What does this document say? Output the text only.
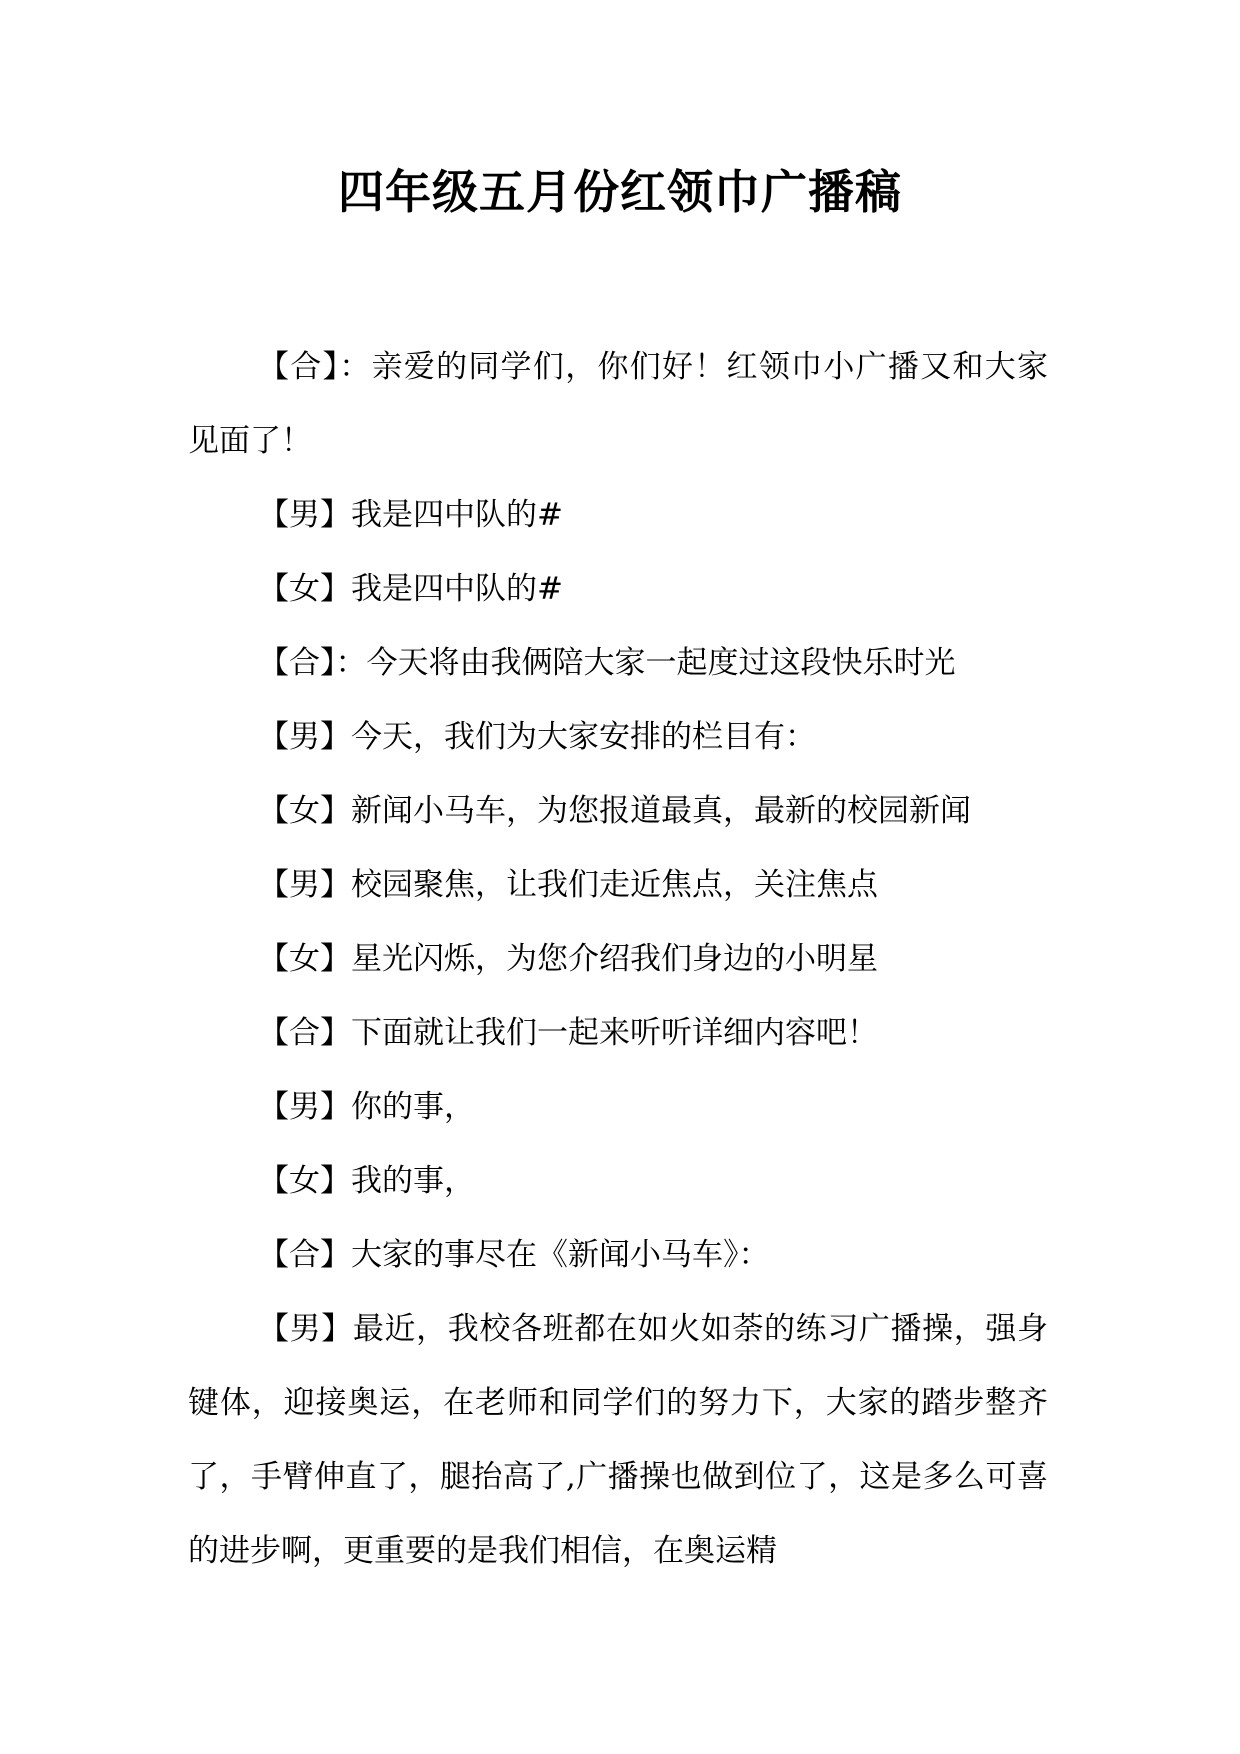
四年级五月份红领巾广播稿

【合】：亲爱的同学们，你们好！红领巾小广播又和大家见面了！

【男】我是四中队的#

【女】我是四中队的#

【合】：今天将由我俩陪大家一起度过这段快乐时光

【男】今天，我们为大家安排的栏目有：

【女】新闻小马车，为您报道最真，最新的校园新闻

【男】校园聚焦，让我们走近焦点，关注焦点

【女】星光闪烁，为您介绍我们身边的小明星

【合】下面就让我们一起来听听详细内容吧！

【男】你的事，

【女】我的事，

【合】大家的事尽在《新闻小马车》：

【男】最近，我校各班都在如火如荼的练习广播操，强身键体，迎接奥运，在老师和同学们的努力下，大家的踏步整齐了，手臂伸直了，腿抬高了,广播操也做到位了，这是多么可喜的进步啊，更重要的是我们相信，在奥运精
